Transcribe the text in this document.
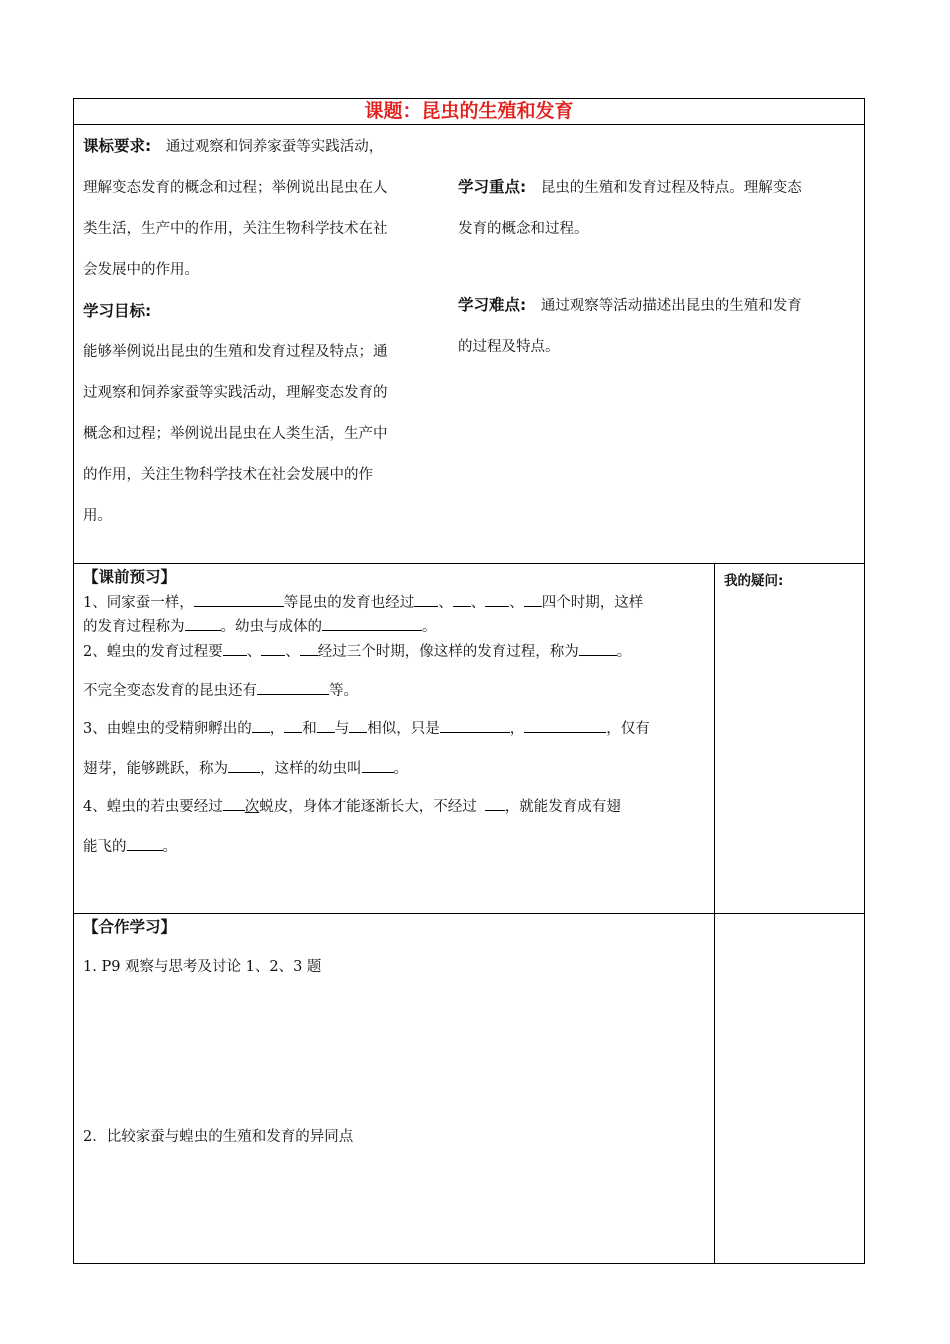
课题：昆虫的生殖和发育
课标要求: 通过观察和饲养家蚕等实践活动，
理解变态发育的概念和过程；举例说出昆虫在人
类生活，生产中的作用，关注生物科学技术在社
会发展中的作用。
学习目标:
能够举例说出昆虫的生殖和发育过程及特点；通
过观察和饲养家蚕等实践活动，理解变态发育的
概念和过程；举例说出昆虫在人类生活，生产中
的作用，关注生物科学技术在社会发展中的作
用。
学习重点: 昆虫的生殖和发育过程及特点。理解变态
发育的概念和过程。
学习难点: 通过观察等活动描述出昆虫的生殖和发育
的过程及特点。
【课前预习】
1、同家蚕一样，	等昆虫的发育也经过 、 、 、 四个时期，这样
的发育过程称为 。幼虫与成体的	。
2、蝗虫的发育过程要 、 、 经过三个时期，像这样的发育过程，称为	。
不完全变态发育的昆虫还有	等。
3、由蝗虫的受精卵孵出的 ， 和 与 相似，只是	，	，仅有
翅芽，能够跳跃，称为 ，这样的幼虫叫 。
4、蝗虫的若虫要经过 次蜕皮，身体才能逐渐长大，不经过 ，就能发育成有翅
能飞的 。
我的疑问:
【合作学习】
1. P9 观察与思考及讨论 1、2、3 题
2．比较家蚕与蝗虫的生殖和发育的异同点
